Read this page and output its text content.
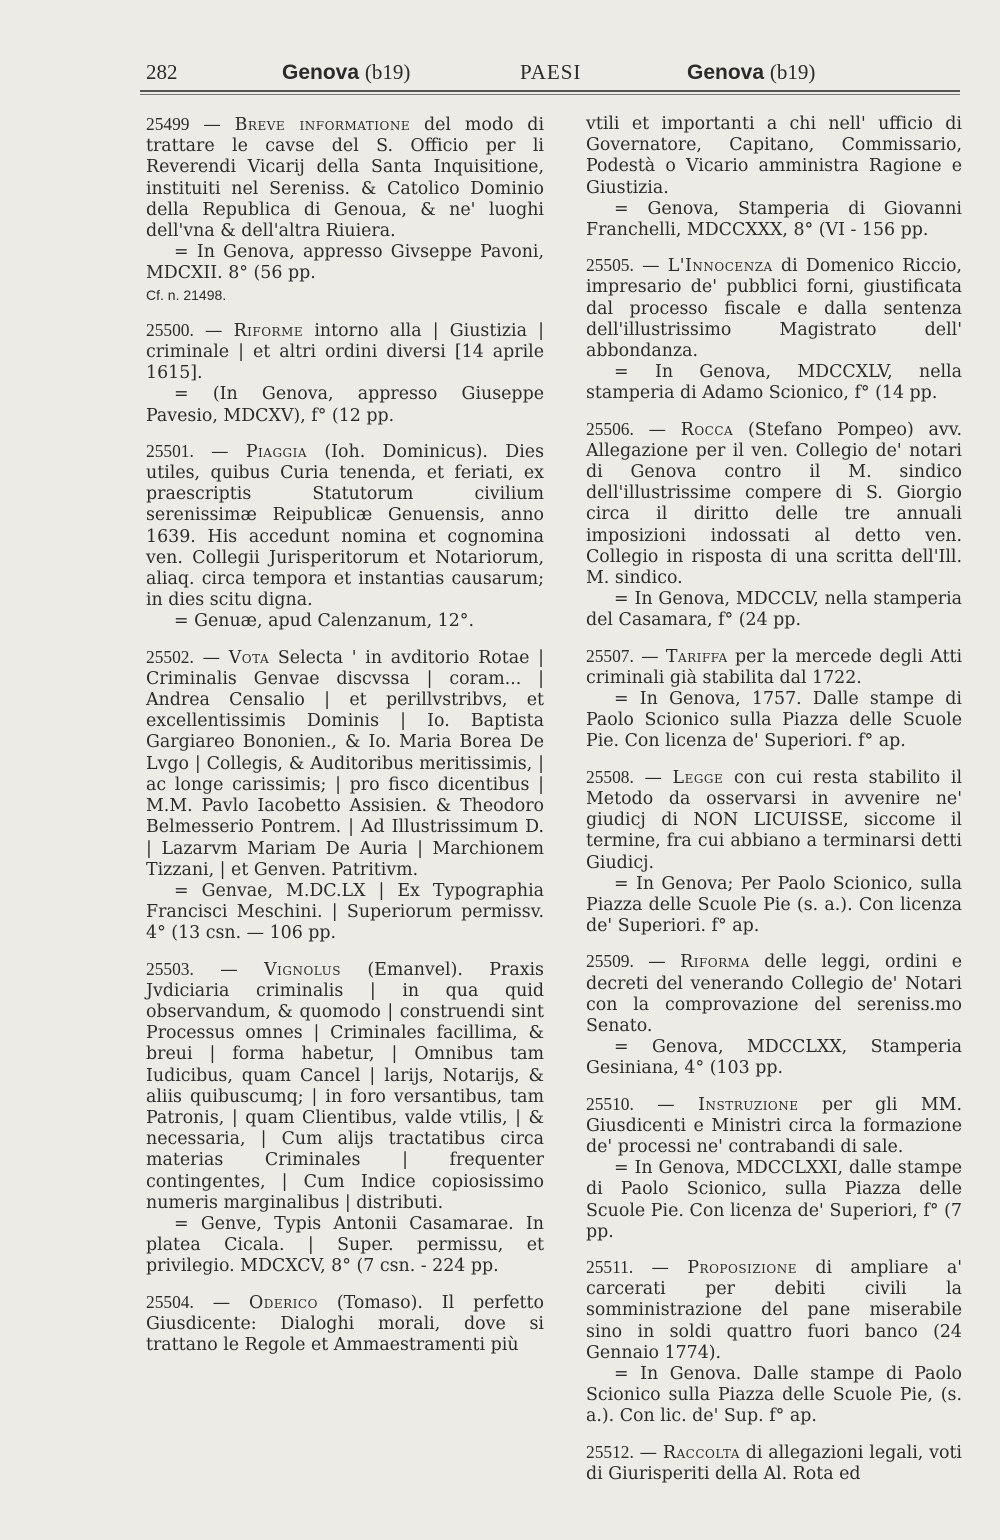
282	Genova (b19)	PAESI	Genova (b19)

25499 — Breve informatione del modo di trattare le cavse del S. Officio per li Reverendi Vicarij della Santa Inquisitione, instituiti nel Sereniss. & Catolico Dominio della Republica di Genoua, & ne' luoghi dell'vna & dell'altra Riuiera.

= In Genova, appresso Givseppe Pavoni, MDCXII. 8° (56 pp.

Cf. n. 21498.

25500. — Riforme intorno alla | Giustizia | criminale | et altri ordini diversi [14 aprile 1615].

= (In Genova, appresso Giuseppe Pavesio, MDCXV), f° (12 pp.

25501. — Piaggia (Ioh. Dominicus). Dies utiles, quibus Curia tenenda, et feriati, ex praescriptis Statutorum civilium serenissimæ Reipublicæ Genuensis, anno 1639. His accedunt nomina et cognomina ven. Collegii Jurisperitorum et Notariorum, aliaq. circa tempora et instantias causarum; in dies scitu digna.

= Genuæ, apud Calenzanum, 12°.

25502. — Vota Selecta ' in avditorio Rotae | Criminalis Genvae discvssa | coram... | Andrea Censalio | et perillvstribvs, et excellentissimis Dominis | Io. Baptista Gargiareo Bononien., & Io. Maria Borea De Lvgo | Collegis, & Auditoribus meritissimis, | ac longe carissimis; | pro fisco dicentibus | M.M. Pavlo Iacobetto Assisien. & Theodoro Belmesserio Pontrem. | Ad Illustrissimum D. | Lazarvm Mariam De Auria | Marchionem Tizzani, | et Genven. Patritivm.

= Genvae, M.DC.LX | Ex Typographia Francisci Meschini. | Superiorum permissv. 4° (13 csn. — 106 pp.

25503. — Vignolus (Emanvel). Praxis Jvdiciaria criminalis | in qua quid observandum, & quomodo | construendi sint Processus omnes | Criminales facillima, & breui | forma habetur, | Omnibus tam Iudicibus, quam Cancel | larijs, Notarijs, & aliis quibuscumq; | in foro versantibus, tam Patronis, | quam Clientibus, valde vtilis, | & necessaria, | Cum alijs tractatibus circa materias Criminales | frequenter contingentes, | Cum Indice copiosissimo numeris marginalibus | distributi.

= Genve, Typis Antonii Casamarae. In platea Cicala. | Super. permissu, et privilegio. MDCXCV, 8° (7 csn. - 224 pp.

25504. — Oderico (Tomaso). Il perfetto Giusdicente: Dialoghi morali, dove si trattano le Regole et Ammaestramenti più

vtili et importanti a chi nell' ufficio di Governatore, Capitano, Commissario, Podestà o Vicario amministra Ragione e Giustizia.

= Genova, Stamperia di Giovanni Franchelli, MDCCXXX, 8° (VI - 156 pp.

25505. — L'Innocenza di Domenico Riccio, impresario de' pubblici forni, giustificata dal processo fiscale e dalla sentenza dell'illustrissimo Magistrato dell' abbondanza.

= In Genova, MDCCXLV, nella stamperia di Adamo Scionico, f° (14 pp.

25506. — Rocca (Stefano Pompeo) avv. Allegazione per il ven. Collegio de' notari di Genova contro il M. sindico dell'illustrissime compere di S. Giorgio circa il diritto delle tre annuali imposizioni indossati al detto ven. Collegio in risposta di una scritta dell'Ill. M. sindico.

= In Genova, MDCCLV, nella stamperia del Casamara, f° (24 pp.

25507. — Tariffa per la mercede degli Atti criminali già stabilita dal 1722.

= In Genova, 1757. Dalle stampe di Paolo Scionico sulla Piazza delle Scuole Pie. Con licenza de' Superiori. f° ap.

25508. — Legge con cui resta stabilito il Metodo da osservarsi in avvenire ne' giudicj di NON LICUISSE, siccome il termine, fra cui abbiano a terminarsi detti Giudicj.

= In Genova; Per Paolo Scionico, sulla Piazza delle Scuole Pie (s. a.). Con licenza de' Superiori. f° ap.

25509. — Riforma delle leggi, ordini e decreti del venerando Collegio de' Notari con la comprovazione del sereniss.mo Senato.

= Genova, MDCCLXX, Stamperia Gesiniana, 4° (103 pp.

25510. — Instruzione per gli MM. Giusdicenti e Ministri circa la formazione de' processi ne' contrabandi di sale.

= In Genova, MDCCLXXI, dalle stampe di Paolo Scionico, sulla Piazza delle Scuole Pie. Con licenza de' Superiori, f° (7 pp.

25511. — Proposizione di ampliare a' carcerati per debiti civili la somministrazione del pane miserabile sino in soldi quattro fuori banco (24 Gennaio 1774).

= In Genova. Dalle stampe di Paolo Scionico sulla Piazza delle Scuole Pie, (s. a.). Con lic. de' Sup. f° ap.

25512. — Raccolta di allegazioni legali, voti di Giurisperiti della Al. Rota ed
